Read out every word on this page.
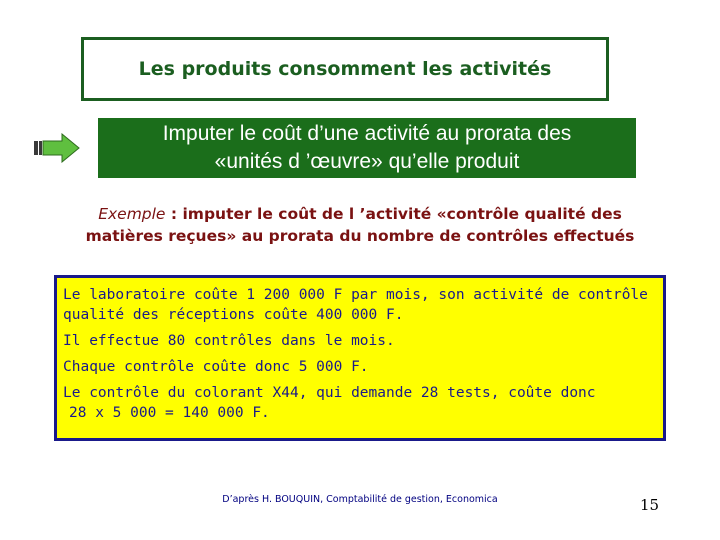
Les produits consomment les activités
Imputer le coût d’une activité au prorata des
«unités d ’œuvre» qu’elle produit
Exemple : imputer le coût de l ’activité «contrôle qualité des
matières reçues» au prorata du nombre de contrôles effectués

Le laboratoire coûte 1 200 000 F par mois, son activité de contrôle
qualité des réceptions coûte 400 000 F.

Il effectue 80 contrôles dans le mois.

Chaque contrôle coûte donc 5 000 F.

Le contrôle du colorant X44, qui demande 28 tests, coûte donc
28 x 5 000 = 140 000 F.

D’après H. BOUQUIN, Comptabilité de gestion, Economica	15
